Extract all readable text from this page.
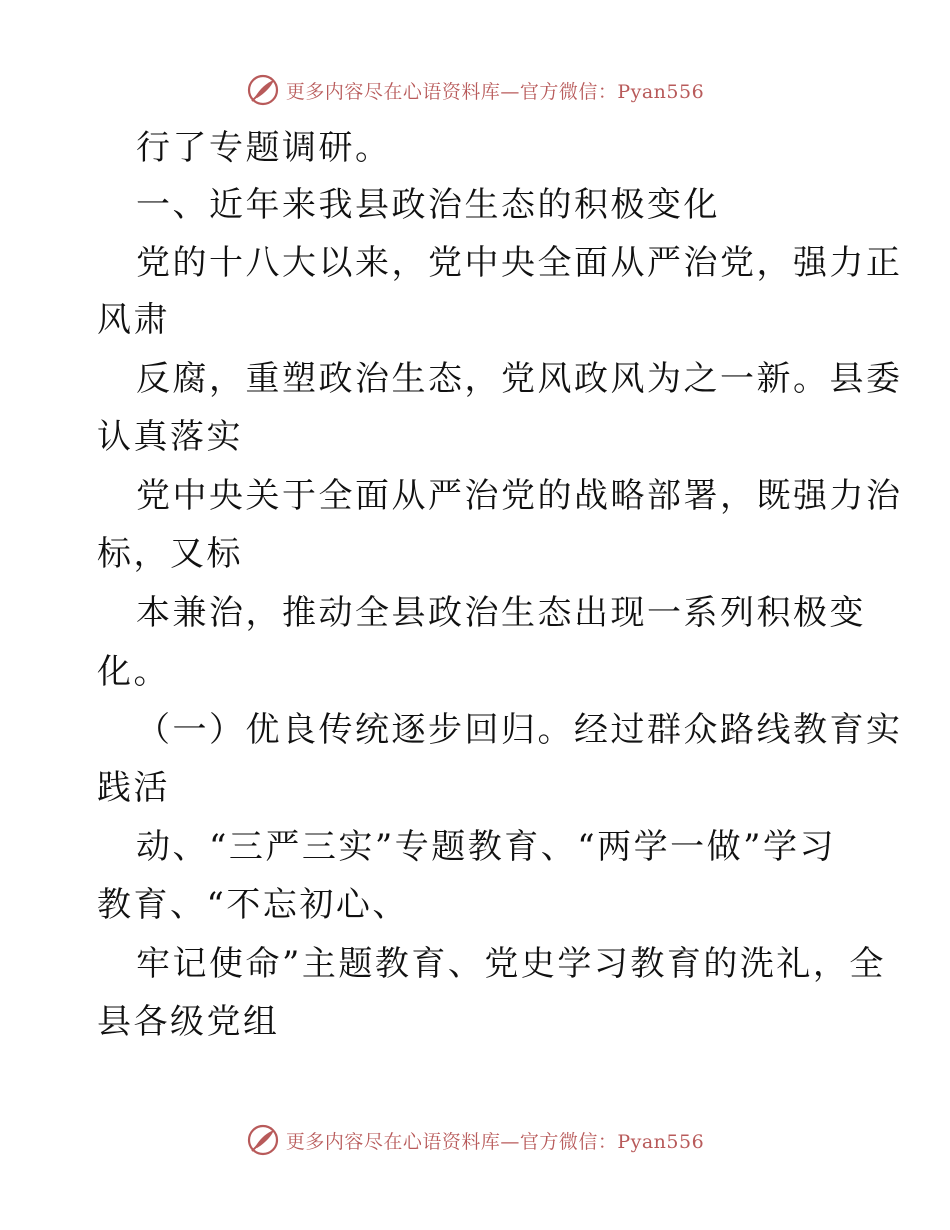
更多内容尽在心语资料库—官方微信：Pyan556
行了专题调研。
一、近年来我县政治生态的积极变化
党的十八大以来，党中央全面从严治党，强力正
风肃
反腐，重塑政治生态，党风政风为之一新。县委
认真落实
党中央关于全面从严治党的战略部署，既强力治
标，又标
本兼治，推动全县政治生态出现一系列积极变
化。
（一）优良传统逐步回归。经过群众路线教育实
践活
动、“三严三实”专题教育、“两学一做”学习
教育、“不忘初心、
牢记使命”主题教育、党史学习教育的洗礼，全
县各级党组
更多内容尽在心语资料库—官方微信：Pyan556
